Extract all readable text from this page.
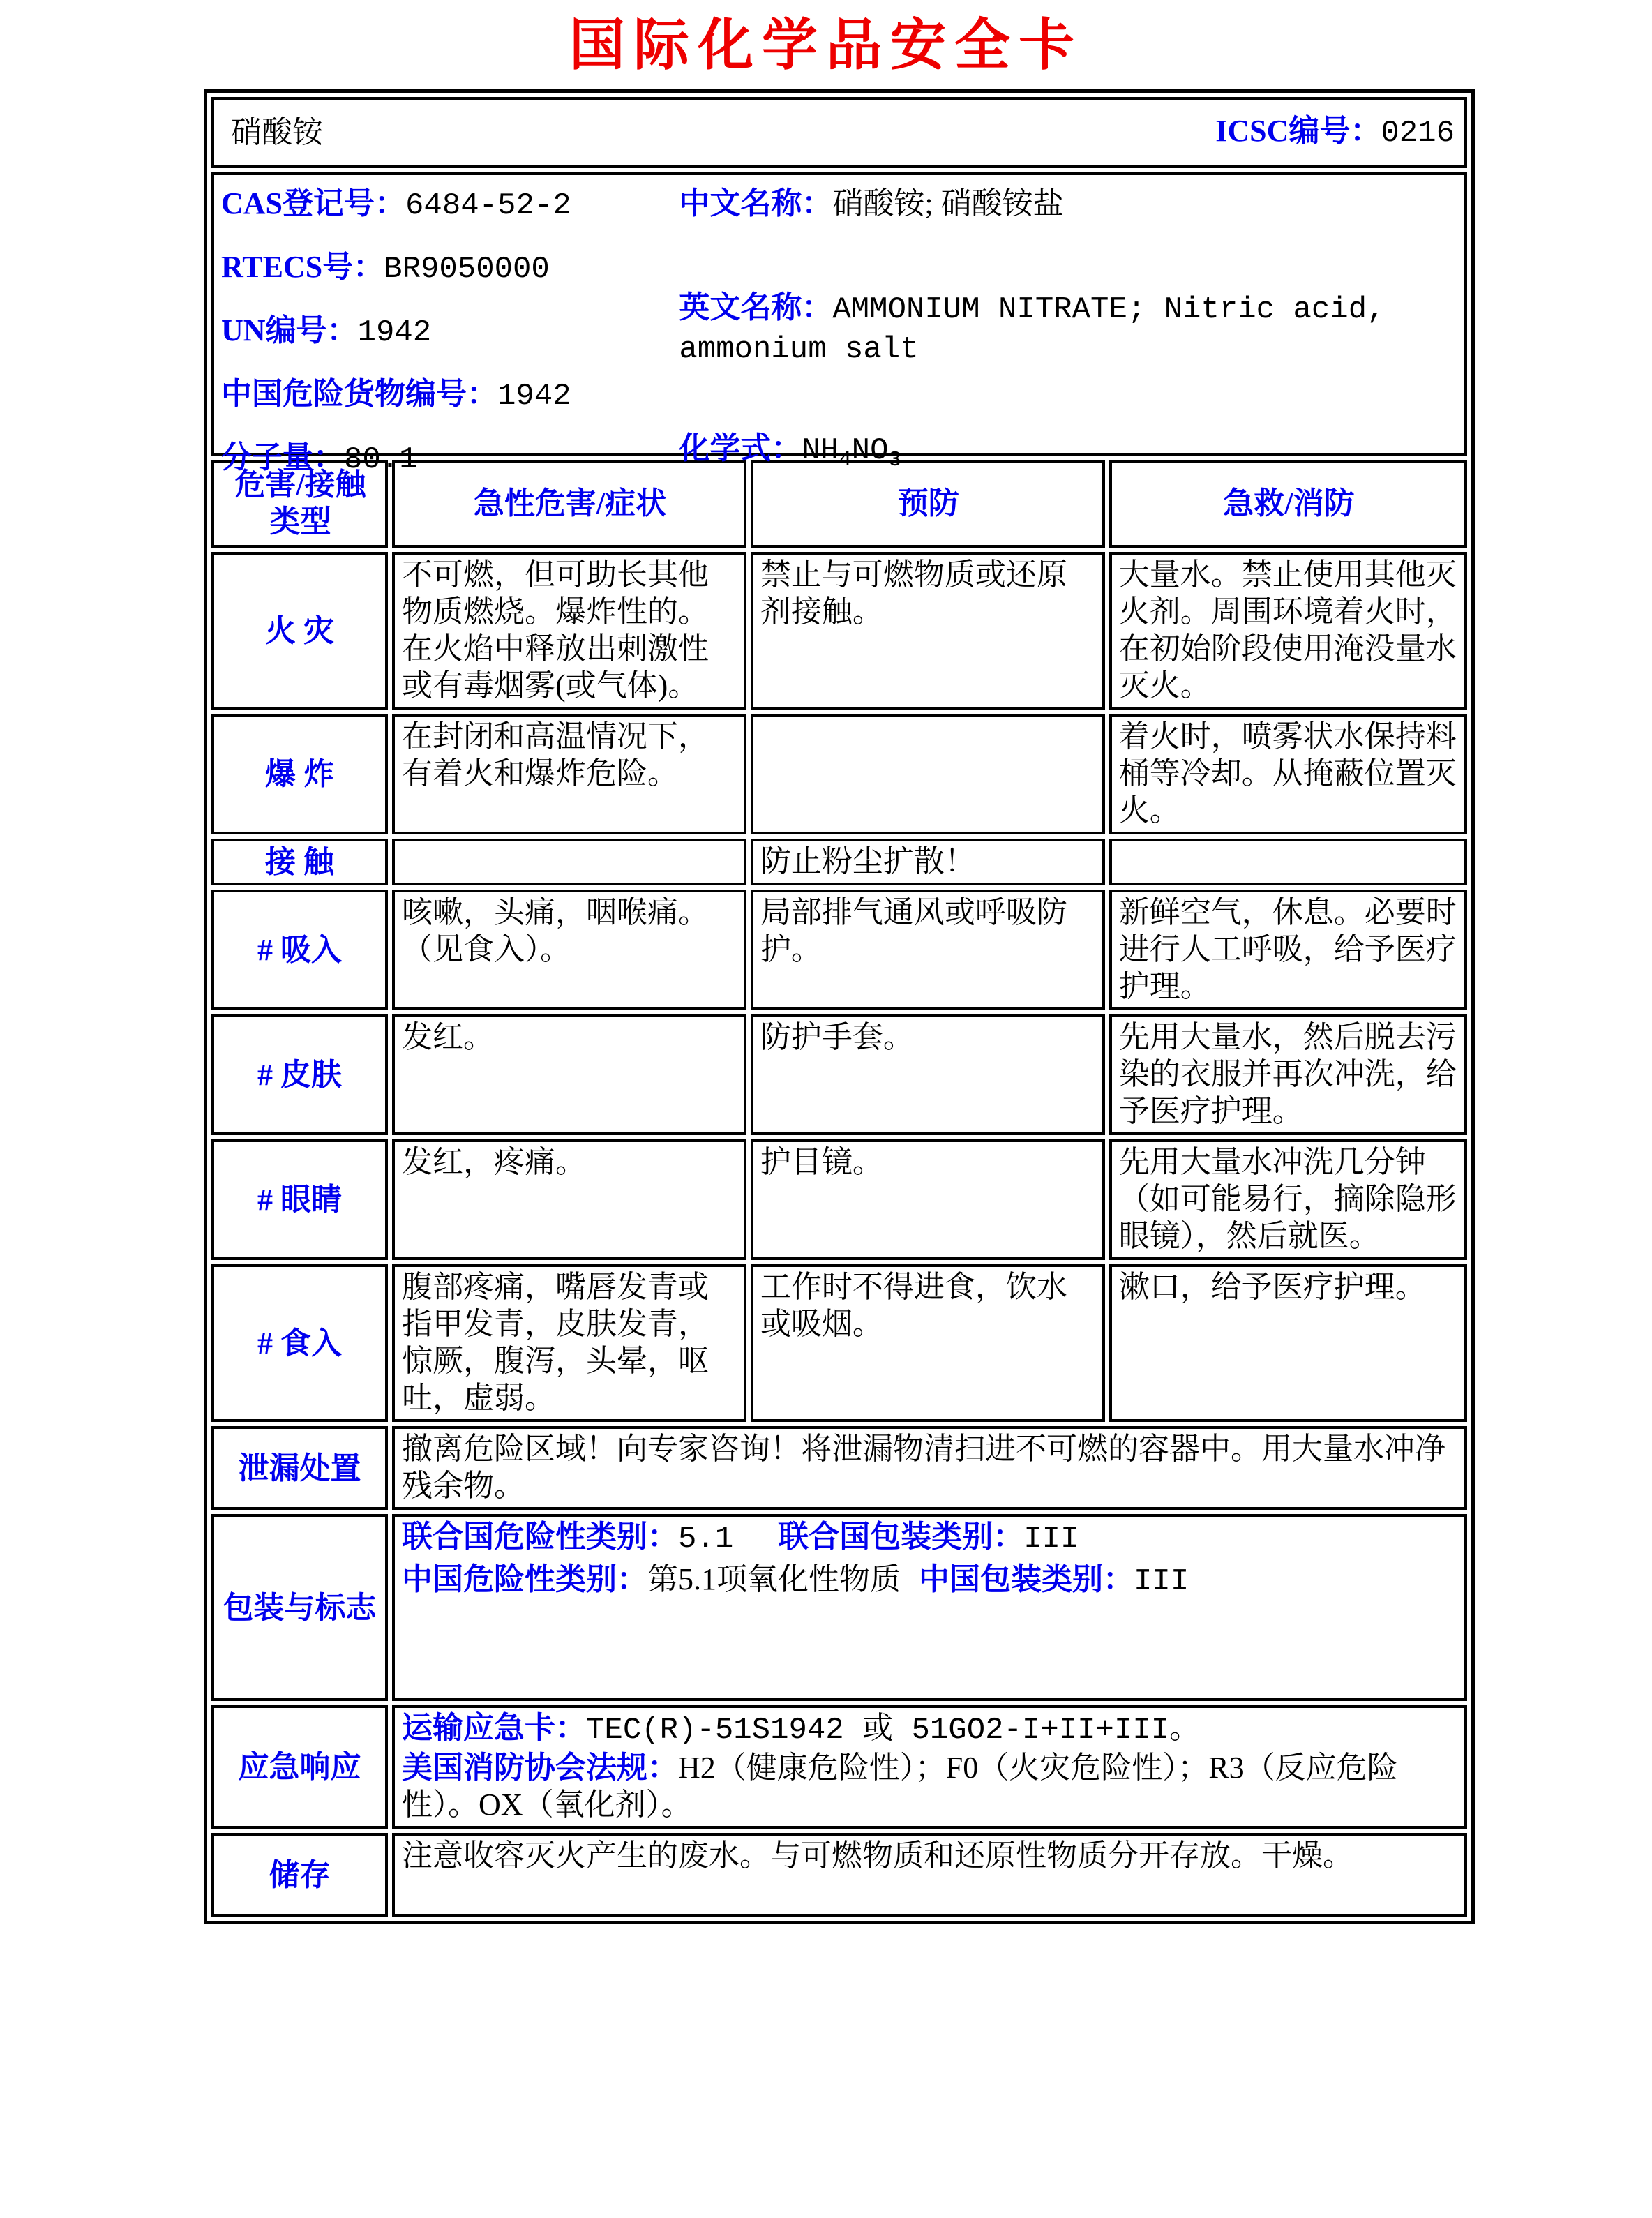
国际化学品安全卡
硝酸铵 ICSC编号：0216			

CAS登记号：6484-52-2
RTECS号：BR9050000
UN编号：1942
中国危险货物编号：1942
分子量：80.1
中文名称：硝酸铵; 硝酸铵盐
英文名称：AMMONIUM NITRATE; Nitric acid, ammonium salt
化学式：$NH_4NO_3$

危害/接触
类型	急性危害/症状	预防	急救/消防
火 灾	不可燃，但可助长其他物质燃烧。爆炸性的。在火焰中释放出刺激性或有毒烟雾(或气体)。	禁止与可燃物质或还原剂接触。	大量水。禁止使用其他灭火剂。周围环境着火时，在初始阶段使用淹没量水灭火。
爆 炸	在封闭和高温情况下，有着火和爆炸危险。		着火时，喷雾状水保持料桶等冷却。从掩蔽位置灭火。
接 触		防止粉尘扩散！	
# 吸入	咳嗽，头痛，咽喉痛。（见食入）。	局部排气通风或呼吸防护。	新鲜空气，休息。必要时进行人工呼吸，给予医疗护理。
# 皮肤	发红。	防护手套。	先用大量水，然后脱去污染的衣服并再次冲洗，给予医疗护理。
# 眼睛	发红，疼痛。	护目镜。	先用大量水冲洗几分钟（如可能易行，摘除隐形眼镜），然后就医。
# 食入	腹部疼痛，嘴唇发青或指甲发青，皮肤发青，惊厥，腹泻，头晕，呕吐，虚弱。	工作时不得进食，饮水或吸烟。	漱口，给予医疗护理。
泄漏处置	撤离危险区域！向专家咨询！将泄漏物清扫进不可燃的容器中。用大量水冲净残余物。		
包装与标志	联合国危险性类别：5.1 联合国包装类别：III
中国危险性类别：第5.1项氧化性物质 中国包装类别：III		

应急响应	运输应急卡：TEC(R)-51S1942 或 51GO2-I+II+III。
美国消防协会法规：H2（健康危险性）；F0（火灾危险性）；R3（反应危险性）。OX（氧化剂）。		

储存	注意收容灭火产生的废水。与可燃物质和还原性物质分开存放。干燥。		
